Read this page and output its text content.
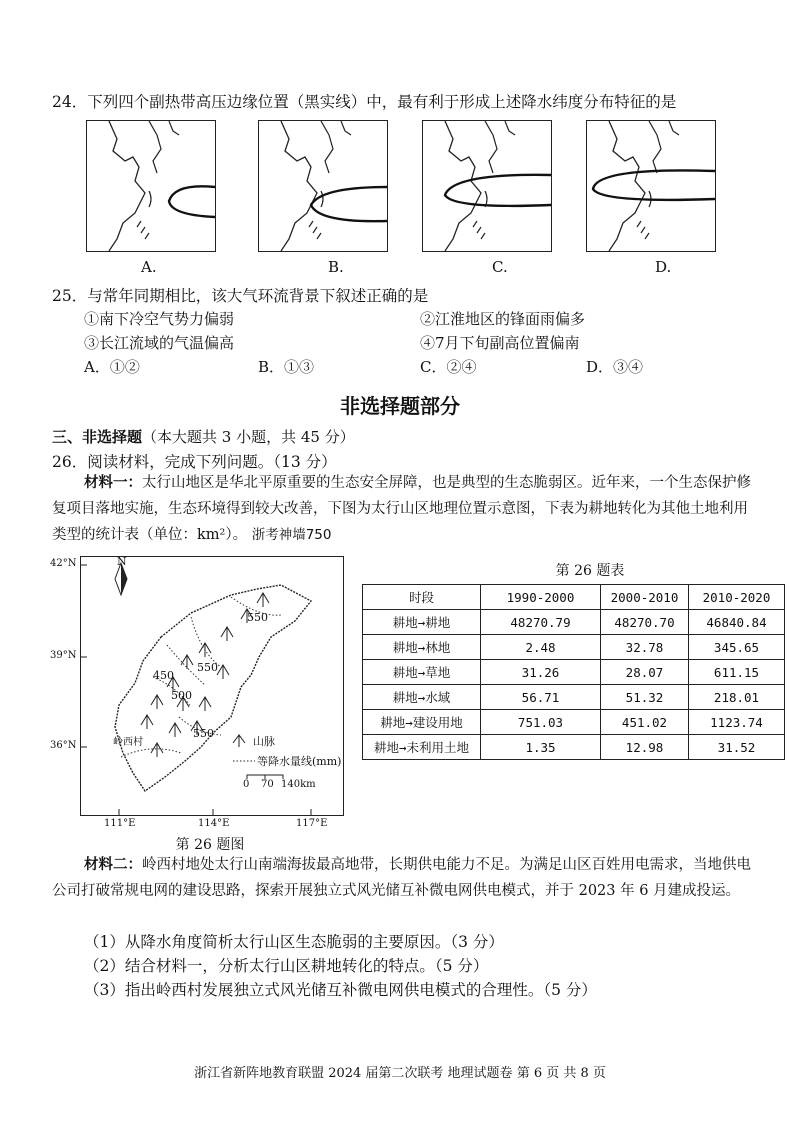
24．下列四个副热带高压边缘位置（黑实线）中，最有利于形成上述降水纬度分布特征的是
A.	B.	C.	D.
25．与常年同期相比，该大气环流背景下叙述正确的是
①南下冷空气势力偏弱	②江淮地区的锋面雨偏多
③长江流域的气温偏高	④7月下旬副高位置偏南
A．①②	B．①③	C．②④	D．③④
非选择题部分
三、非选择题（本大题共 3 小题，共 45 分）
26．阅读材料，完成下列问题。（13 分）
材料一：太行山地区是华北平原重要的生态安全屏障，也是典型的生态脆弱区。近年来，一个生态保护修复项目落地实施，生态环境得到较大改善，下图为太行山区地理位置示意图，下表为耕地转化为其他土地利用类型的统计表（单位：km²）。 浙考神墙750
N
550
450
550
500
550
岭西村	山脉
等降水量线(mm)
0 70 140km
42°N
39°N
36°N
111°E	114°E	117°E
第 26 题图
第 26 题表
时段	1990-2000	2000-2010	2010-2020
耕地→耕地	48270.79	48270.70	46840.84
耕地→林地	2.48	32.78	345.65
耕地→草地	31.26	28.07	611.15
耕地→水域	56.71	51.32	218.01
耕地→建设用地	751.03	451.02	1123.74
耕地→未利用土地	1.35	12.98	31.52
材料二：岭西村地处太行山南端海拔最高地带，长期供电能力不足。为满足山区百姓用电需求，当地供电公司打破常规电网的建设思路，探索开展独立式风光储互补微电网供电模式，并于 2023 年 6 月建成投运。
（1）从降水角度简析太行山区生态脆弱的主要原因。（3 分）
（2）结合材料一，分析太行山区耕地转化的特点。（5 分）
（3）指出岭西村发展独立式风光储互补微电网供电模式的合理性。（5 分）
浙江省新阵地教育联盟 2024 届第二次联考 地理试题卷 第 6 页 共 8 页
